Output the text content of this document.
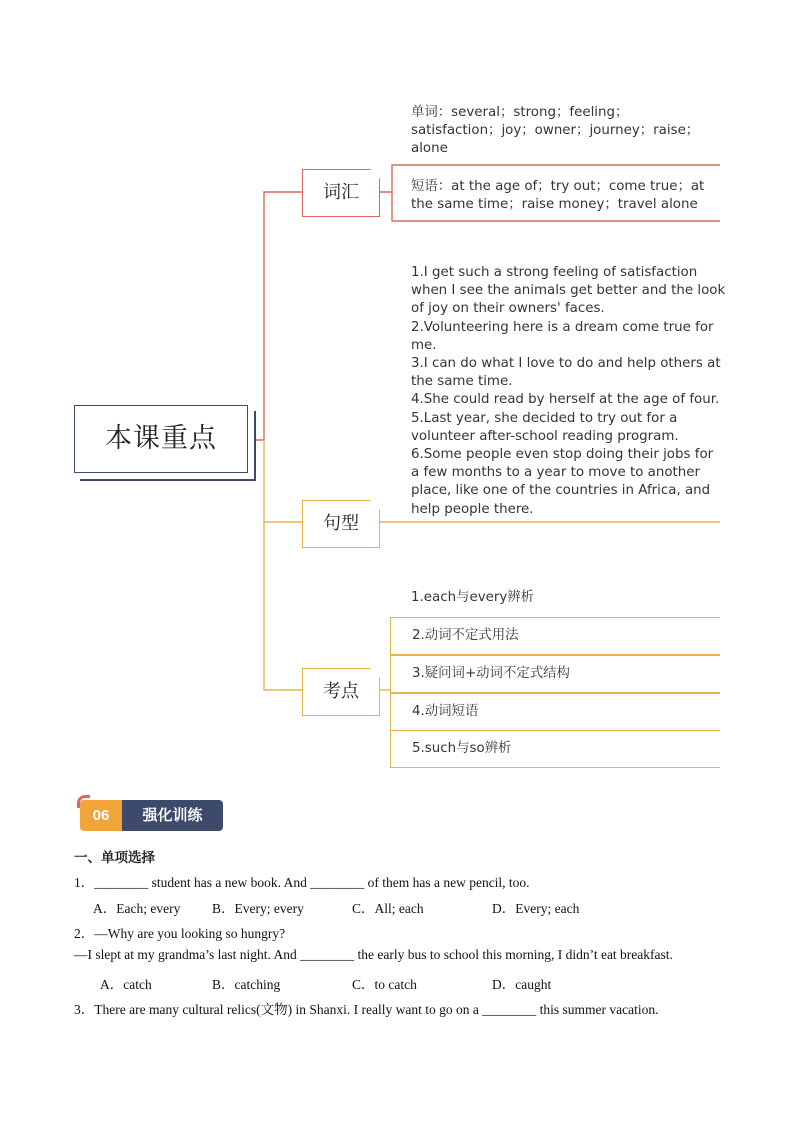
本课重点
词汇
单词：several；strong；feeling；
satisfaction；joy；owner；journey；raise；
alone
短语：at the age of；try out；come true；at
the same time；raise money；travel alone
句型
1.I get such a strong feeling of satisfaction
when I see the animals get better and the look
of joy on their owners' faces.
2.Volunteering here is a dream come true for
me.
3.I can do what I love to do and help others at
the same time.
4.She could read by herself at the age of four.
5.Last year, she decided to try out for a
volunteer after-school reading program.
6.Some people even stop doing their jobs for
a few months to a year to move to another
place, like one of the countries in Africa, and
help people there.
考点
1.each与every辨析
2.动词不定式用法
3.疑问词+动词不定式结构
4.动词短语
5.such与so辨析
06	强化训练
一、单项选择
1．________ student has a new book. And ________ of them has a new pencil, too.
A．Each; every B．Every; every	C．All; each	D．Every; each
2．—Why are you looking so hungry?
—I slept at my grandma’s last night. And ________ the early bus to school this morning, I didn’t eat breakfast.
A．catch	B．catching	C．to catch	D．caught
3．There are many cultural relics(文物) in Shanxi. I really want to go on a ________ this summer vacation.
